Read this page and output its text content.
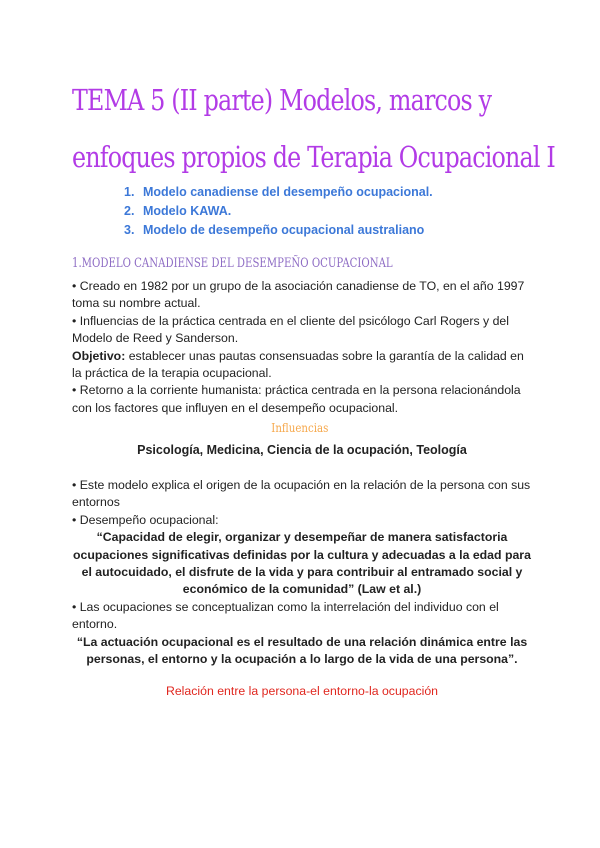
TEMA 5 (II parte) Modelos, marcos y
enfoques propios de Terapia Ocupacional I
1. Modelo canadiense del desempeño ocupacional.
2. Modelo KAWA.
3. Modelo de desempeño ocupacional australiano
1.MODELO CANADIENSE DEL DESEMPEÑO OCUPACIONAL

• Creado en 1982 por un grupo de la asociación canadiense de TO, en el año 1997 toma su nombre actual.

• Influencias de la práctica centrada en el cliente del psicólogo Carl Rogers y del Modelo de Reed y Sanderson.

Objetivo: establecer unas pautas consensuadas sobre la garantía de la calidad en la práctica de la terapia ocupacional.

• Retorno a la corriente humanista: práctica centrada en la persona relacionándola con los factores que influyen en el desempeño ocupacional.

Influencias
Psicología, Medicina, Ciencia de la ocupación, Teología

• Este modelo explica el origen de la ocupación en la relación de la persona con sus entornos

• Desempeño ocupacional:

“Capacidad de elegir, organizar y desempeñar de manera satisfactoria ocupaciones significativas definidas por la cultura y adecuadas a la edad para el autocuidado, el disfrute de la vida y para contribuir al entramado social y económico de la comunidad” (Law et al.)

• Las ocupaciones se conceptualizan como la interrelación del individuo con el entorno.

“La actuación ocupacional es el resultado de una relación dinámica entre las personas, el entorno y la ocupación a lo largo de la vida de una persona”.

Relación entre la persona-el entorno-la ocupación
